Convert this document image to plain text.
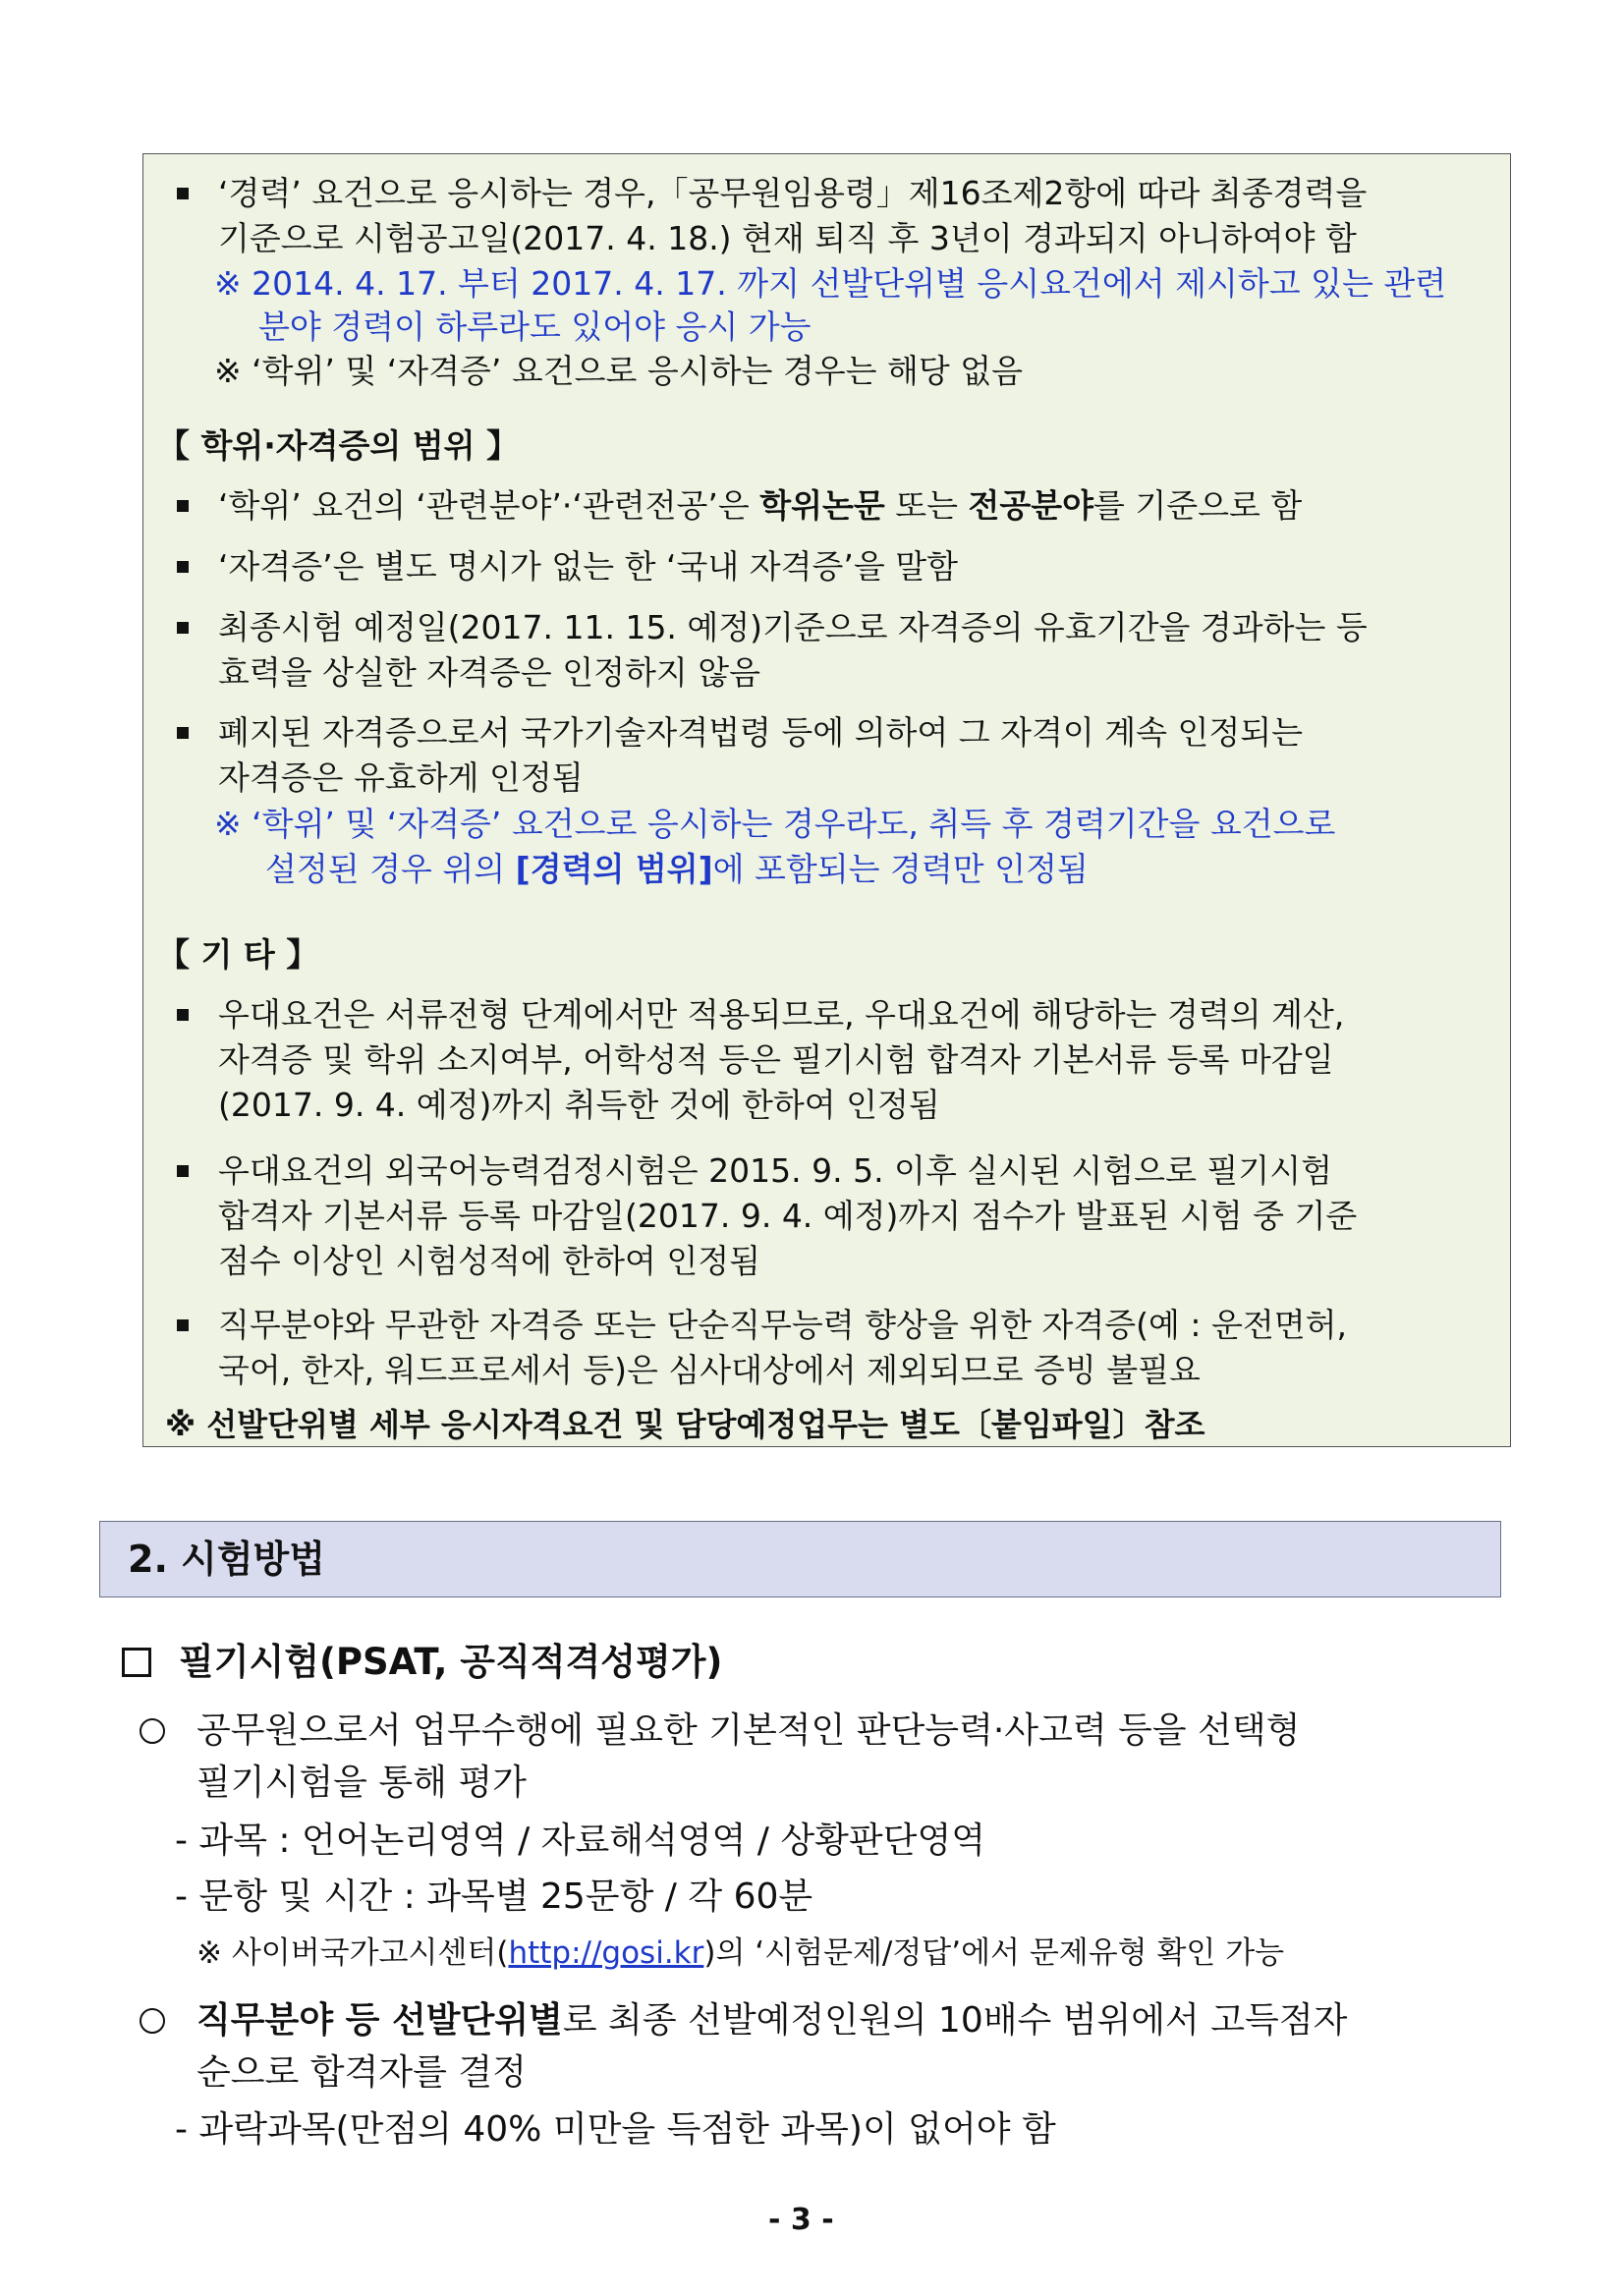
‘경력’ 요건으로 응시하는 경우,「공무원임용령」제16조제2항에 따라 최종경력을
기준으로 시험공고일(2017. 4. 18.) 현재 퇴직 후 3년이 경과되지 아니하여야 함
※ 2014. 4. 17. 부터 2017. 4. 17. 까지 선발단위별 응시요건에서 제시하고 있는 관련
분야 경력이 하루라도 있어야 응시 가능
※ ‘학위’ 및 ‘자격증’ 요건으로 응시하는 경우는 해당 없음
【 학위·자격증의 범위 】
‘학위’ 요건의 ‘관련분야’·‘관련전공’은 학위논문 또는 전공분야를 기준으로 함
‘자격증’은 별도 명시가 없는 한 ‘국내 자격증’을 말함
최종시험 예정일(2017. 11. 15. 예정)기준으로 자격증의 유효기간을 경과하는 등
효력을 상실한 자격증은 인정하지 않음
폐지된 자격증으로서 국가기술자격법령 등에 의하여 그 자격이 계속 인정되는
자격증은 유효하게 인정됨
※ ‘학위’ 및 ‘자격증’ 요건으로 응시하는 경우라도, 취득 후 경력기간을 요건으로
설정된 경우 위의 [경력의 범위]에 포함되는 경력만 인정됨
【 기 타 】
우대요건은 서류전형 단계에서만 적용되므로, 우대요건에 해당하는 경력의 계산,
자격증 및 학위 소지여부, 어학성적 등은 필기시험 합격자 기본서류 등록 마감일
(2017. 9. 4. 예정)까지 취득한 것에 한하여 인정됨
우대요건의 외국어능력검정시험은 2015. 9. 5. 이후 실시된 시험으로 필기시험
합격자 기본서류 등록 마감일(2017. 9. 4. 예정)까지 점수가 발표된 시험 중 기준
점수 이상인 시험성적에 한하여 인정됨
직무분야와 무관한 자격증 또는 단순직무능력 향상을 위한 자격증(예 : 운전면허,
국어, 한자, 워드프로세서 등)은 심사대상에서 제외되므로 증빙 불필요
※ 선발단위별 세부 응시자격요건 및 담당예정업무는 별도〔붙임파일〕참조
2. 시험방법
필기시험(PSAT, 공직적격성평가)
공무원으로서 업무수행에 필요한 기본적인 판단능력·사고력 등을 선택형
필기시험을 통해 평가
- 과목 : 언어논리영역 / 자료해석영역 / 상황판단영역
- 문항 및 시간 : 과목별 25문항 / 각 60분
※ 사이버국가고시센터(http://gosi.kr)의 ‘시험문제/정답’에서 문제유형 확인 가능
직무분야 등 선발단위별로 최종 선발예정인원의 10배수 범위에서 고득점자
순으로 합격자를 결정
- 과락과목(만점의 40% 미만을 득점한 과목)이 없어야 함
- 3 -
